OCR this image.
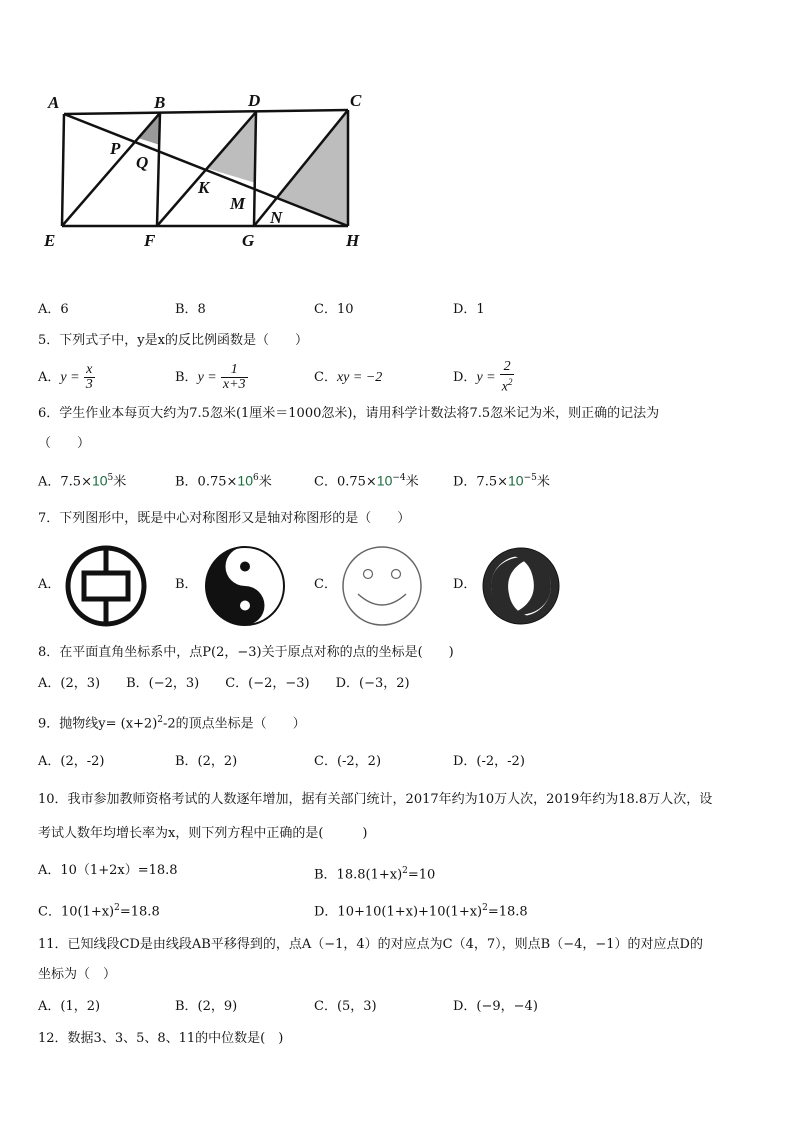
A	B	D	C
P
Q
K
M
N
E	F	G	H
A．6	B．8	C．10	D．1
5．下列式子中，y是x的反比例函数是（　　）
A．$y = \frac{x}{3}$	B．$y = \frac{1}{x+3}$	C．xy = −2	D．$y = \frac{2}{x^2}$
6．学生作业本每页大约为7.5忽米(1厘米＝1000忽米)，请用科学计数法将7.5忽米记为米，则正确的记法为
（　　）
A．$7.5\times 10^5$米	B．$0.75\times 10^6$米	C．$0.75\times 10^{-4}$米	D．$7.5\times 10^{-5}$米
7．下列图形中，既是中心对称图形又是轴对称图形的是（　　）
A．	B．	C．	D．
8．在平面直角坐标系中，点P(2，−3)关于原点对称的点的坐标是(　　)
A．(2，3)　　B．(−2，3)　　C．(−2，−3)　　D．(−3，2)
9．抛物线$y= (x+2)^2-2$的顶点坐标是（　　）
A．(2，-2)	B．(2，2)	C．(-2，2)	D．(-2，-2)
10．我市参加教师资格考试的人数逐年增加，据有关部门统计，2017年约为10万人次，2019年约为18.8万人次，设
考试人数年均增长率为x，则下列方程中正确的是(　　　)
A．10（1+2x）=18.8	B．$18.8(1+x)^2=10$
C．$10(1+x)^2=18.8$	D．$10+10(1+x)+10(1+x)^2=18.8$
11．已知线段CD是由线段AB平移得到的，点A（−1，4）的对应点为C（4，7），则点B（−4，−1）的对应点D的
坐标为（　）
A．(1，2)	B．(2，9)	C．(5，3)	D．(−9，−4)
12．数据3、3、5、8、11的中位数是(　)
